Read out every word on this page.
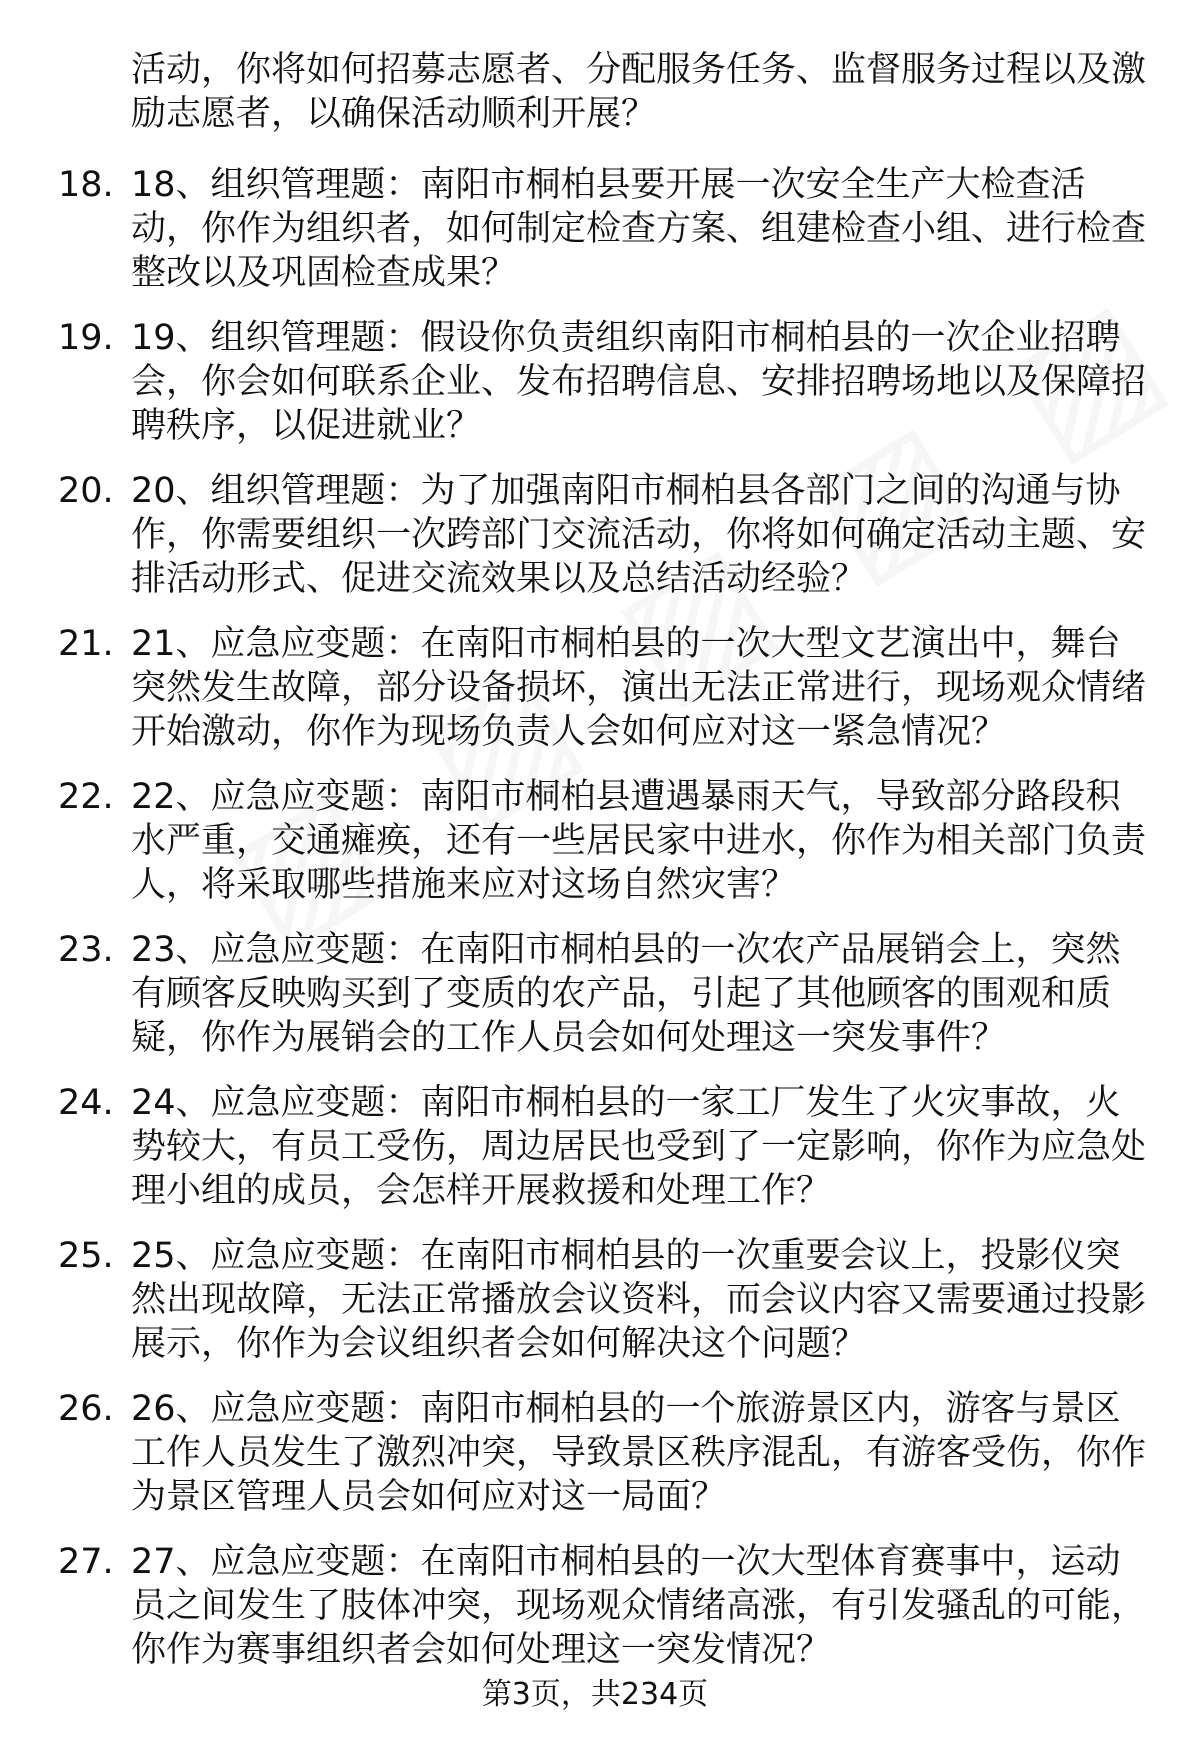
活动，你将如何招募志愿者、分配服务任务、监督服务过程以及激励志愿者，以确保活动顺利开展？

18. 18、组织管理题：南阳市桐柏县要开展一次安全生产大检查活动，你作为组织者，如何制定检查方案、组建检查小组、进行检查整改以及巩固检查成果？

19. 19、组织管理题：假设你负责组织南阳市桐柏县的一次企业招聘会，你会如何联系企业、发布招聘信息、安排招聘场地以及保障招聘秩序，以促进就业？

20. 20、组织管理题：为了加强南阳市桐柏县各部门之间的沟通与协作，你需要组织一次跨部门交流活动，你将如何确定活动主题、安排活动形式、促进交流效果以及总结活动经验？

21. 21、应急应变题：在南阳市桐柏县的一次大型文艺演出中，舞台突然发生故障，部分设备损坏，演出无法正常进行，现场观众情绪开始激动，你作为现场负责人会如何应对这一紧急情况？

22. 22、应急应变题：南阳市桐柏县遭遇暴雨天气，导致部分路段积水严重，交通瘫痪，还有一些居民家中进水，你作为相关部门负责人，将采取哪些措施来应对这场自然灾害？

23. 23、应急应变题：在南阳市桐柏县的一次农产品展销会上，突然有顾客反映购买到了变质的农产品，引起了其他顾客的围观和质疑，你作为展销会的工作人员会如何处理这一突发事件？

24. 24、应急应变题：南阳市桐柏县的一家工厂发生了火灾事故，火势较大，有员工受伤，周边居民也受到了一定影响，你作为应急处理小组的成员，会怎样开展救援和处理工作？

25. 25、应急应变题：在南阳市桐柏县的一次重要会议上，投影仪突然出现故障，无法正常播放会议资料，而会议内容又需要通过投影展示，你作为会议组织者会如何解决这个问题？

26. 26、应急应变题：南阳市桐柏县的一个旅游景区内，游客与景区工作人员发生了激烈冲突，导致景区秩序混乱，有游客受伤，你作为景区管理人员会如何应对这一局面？

27. 27、应急应变题：在南阳市桐柏县的一次大型体育赛事中，运动员之间发生了肢体冲突，现场观众情绪高涨，有引发骚乱的可能，你作为赛事组织者会如何处理这一突发情况？

第3页，共234页
